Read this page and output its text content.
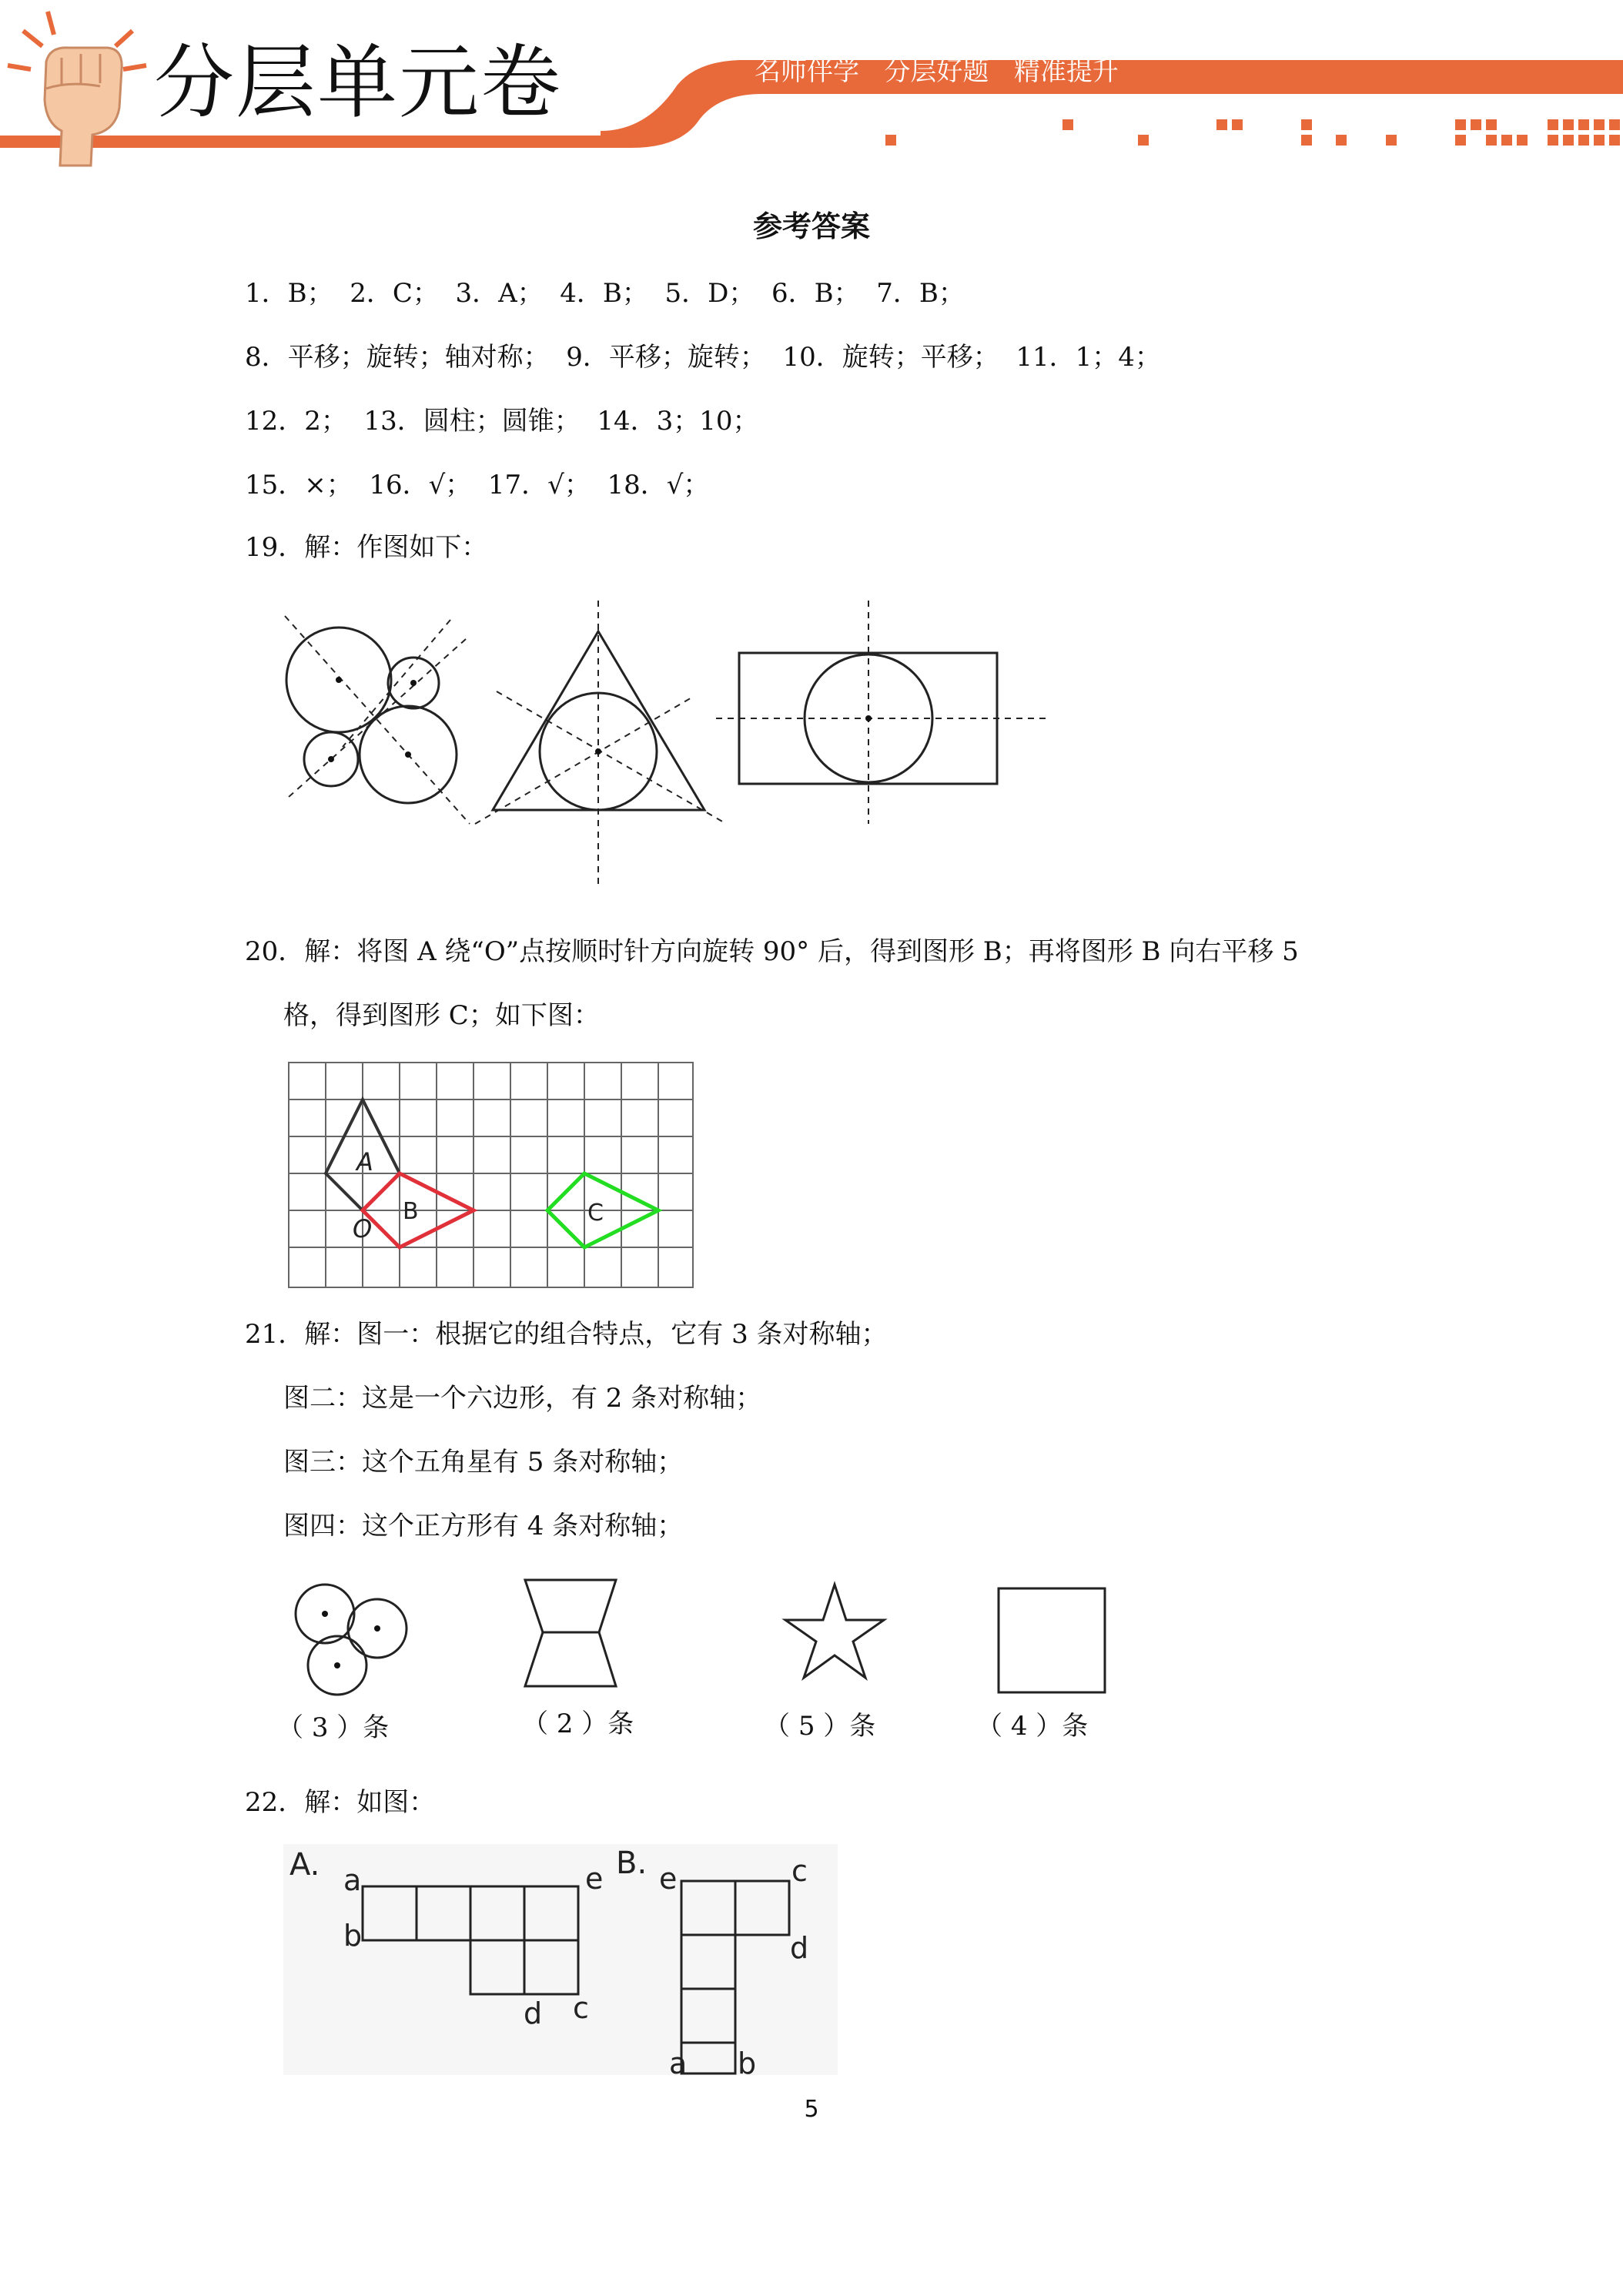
分层单元卷	名师伴学   分层好题   精准提升
参考答案
1．B；  2．C；  3．A；  4．B；  5．D；  6．B；  7．B；
8．平移；旋转；轴对称；  9．平移；旋转；  10．旋转；平移；  11．1；4；
12．2；  13．圆柱；圆锥；  14．3；10；
15．×；  16．√；  17．√；  18．√；
19．解：作图如下：
20．解：将图 A 绕“O”点按顺时针方向旋转 90° 后，得到图形 B；再将图形 B 向右平移 5
格，得到图形 C；如下图：
A
B	C
O
21．解：图一：根据它的组合特点，它有 3 条对称轴；
图二：这是一个六边形，有 2 条对称轴；
图三：这个五角星有 5 条对称轴；
图四：这个正方形有 4 条对称轴；
（ 3 ）条	（ 2 ）条	（ 5 ）条	（ 4 ）条
22．解：如图：
A. a
b
d c
e B. e	c
d
a b
5
